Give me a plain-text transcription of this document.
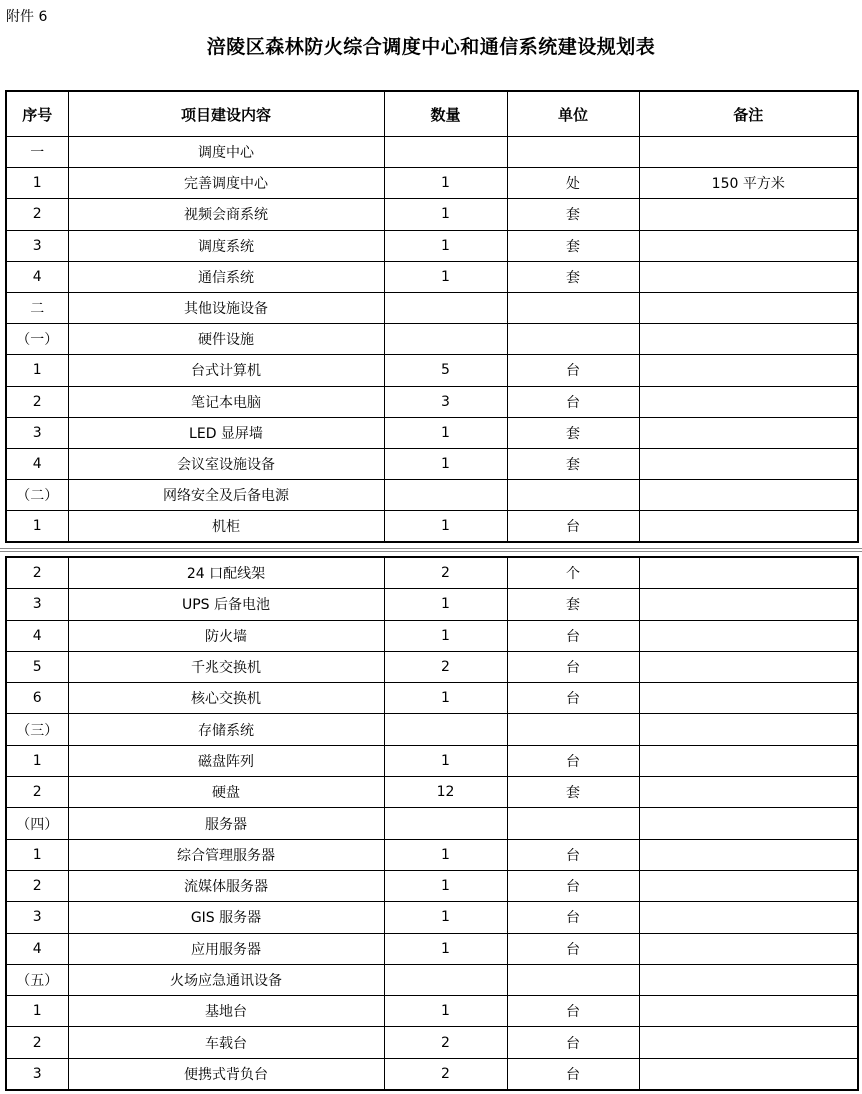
附件 6
涪陵区森林防火综合调度中心和通信系统建设规划表
序号	项目建设内容	数量	单位	备注
一	调度中心			
1	完善调度中心	1	处	150 平方米
2	视频会商系统	1	套	
3	调度系统	1	套	
4	通信系统	1	套	
二	其他设施设备			
（一）	硬件设施			
1	台式计算机	5	台	
2	笔记本电脑	3	台	
3	LED 显屏墙	1	套	
4	会议室设施设备	1	套	
（二）	网络安全及后备电源			
1	机柜	1	台	
2	24 口配线架	2	个	
3	UPS 后备电池	1	套	
4	防火墙	1	台	
5	千兆交换机	2	台	
6	核心交换机	1	台	
（三）	存储系统			
1	磁盘阵列	1	台	
2	硬盘	12	套	
（四）	服务器			
1	综合管理服务器	1	台	
2	流媒体服务器	1	台	
3	GIS 服务器	1	台	
4	应用服务器	1	台	
（五）	火场应急通讯设备			
1	基地台	1	台	
2	车载台	2	台	
3	便携式背负台	2	台	
